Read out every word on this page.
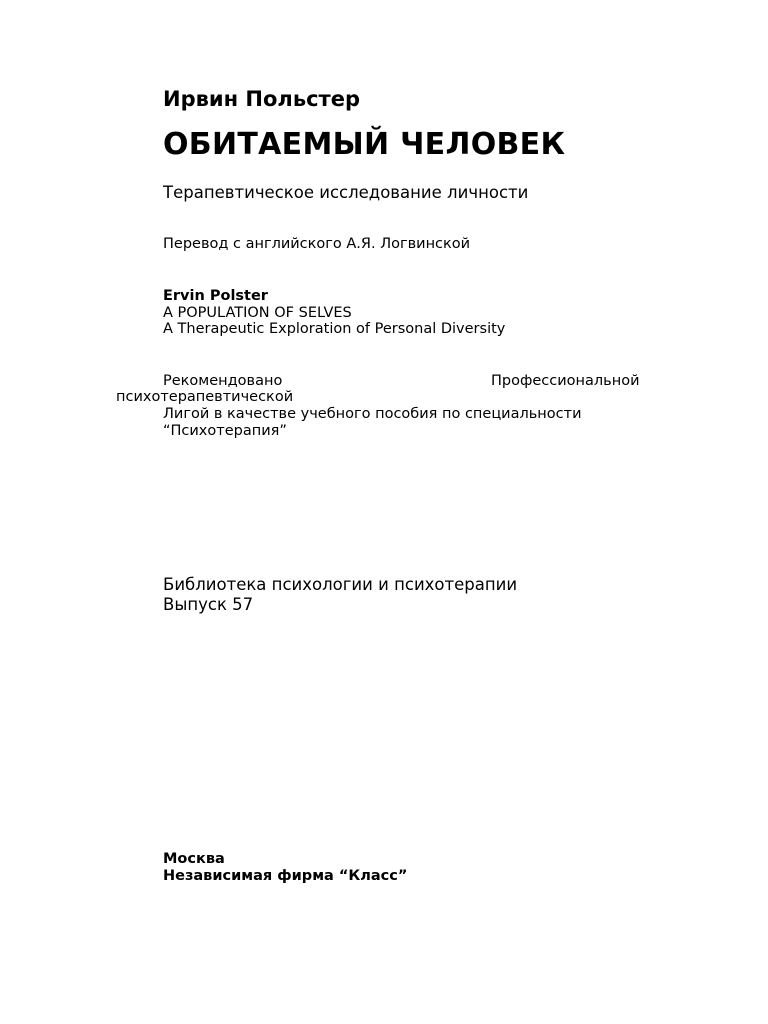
Ирвин Польстер
ОБИТАЕМЫЙ ЧЕЛОВЕК
Терапевтическое исследование личности
Перевод с английского А.Я. Логвинской
Ervin Polster
A POPULATION OF SELVES
A Therapeutic Exploration of Personal Diversity
Рекомендовано	Профессиональной
психотерапевтической
Лигой в качестве учебного пособия по специальности
“Психотерапия”
Библиотека психологии и психотерапии
Выпуск 57
Москва
Независимая фирма “Класс”
